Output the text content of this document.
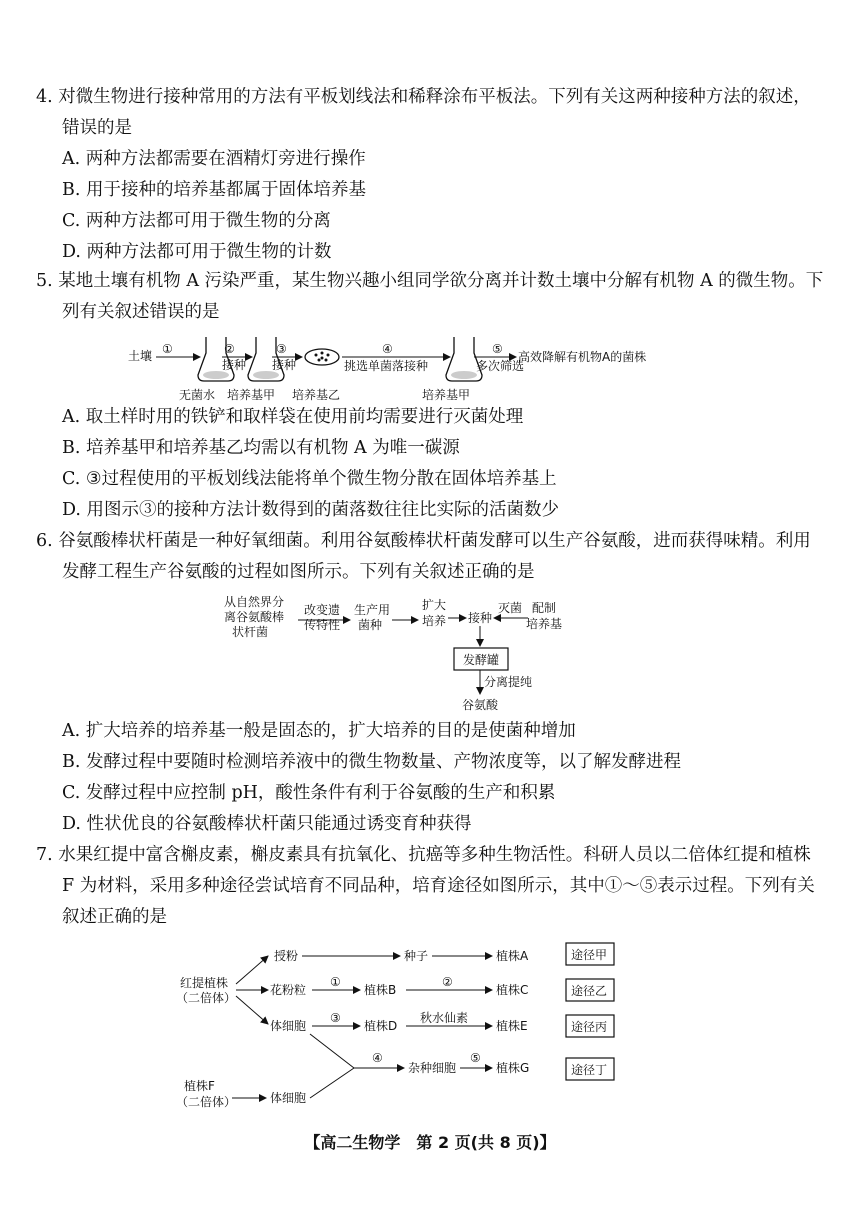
4. 对微生物进行接种常用的方法有平板划线法和稀释涂布平板法。下列有关这两种接种方法的叙述，错误的是

A. 两种方法都需要在酒精灯旁进行操作

B. 用于接种的培养基都属于固体培养基

C. 两种方法都可用于微生物的分离

D. 两种方法都可用于微生物的计数

5. 某地土壤有机物 A 污染严重，某生物兴趣小组同学欲分离并计数土壤中分解有机物 A 的微生物。下列有关叙述错误的是

土壤 ①
无菌水
②
接种
培养基甲
③
接种
培养基乙
④
挑选单菌落接种
培养基甲
⑤
多次筛选
高效降解有机物A的菌株

A. 取土样时用的铁铲和取样袋在使用前均需要进行灭菌处理

B. 培养基甲和培养基乙均需以有机物 A 为唯一碳源

C. ③过程使用的平板划线法能将单个微生物分散在固体培养基上

D. 用图示③的接种方法计数得到的菌落数往往比实际的活菌数少

6. 谷氨酸棒状杆菌是一种好氧细菌。利用谷氨酸棒状杆菌发酵可以生产谷氨酸，进而获得味精。利用发酵工程生产谷氨酸的过程如图所示。下列有关叙述正确的是

从自然界分
离谷氨酸棒
状杆菌
改变遗
传特性
生产用
菌种
扩大
培养 接种
灭菌 配制
培养基
发酵罐
分离提纯
谷氨酸

A. 扩大培养的培养基一般是固态的，扩大培养的目的是使菌种增加

B. 发酵过程中要随时检测培养液中的微生物数量、产物浓度等，以了解发酵进程

C. 发酵过程中应控制 pH，酸性条件有利于谷氨酸的生产和积累

D. 性状优良的谷氨酸棒状杆菌只能通过诱变育种获得

7. 水果红提中富含槲皮素，槲皮素具有抗氧化、抗癌等多种生物活性。科研人员以二倍体红提和植株 F 为材料，采用多种途径尝试培育不同品种，培育途径如图所示，其中①～⑤表示过程。下列有关叙述正确的是

红提植株
（二倍体）
授粉	种子	植株A
花粉粒
①
植株B
②
植株C
体细胞
③
植株D
秋水仙素
植株E
④
杂种细胞
⑤
植株G
植株F
（二倍体）	体细胞
途径甲
途径乙
途径丙
途径丁
【高二生物学　第 2 页(共 8 页)】
